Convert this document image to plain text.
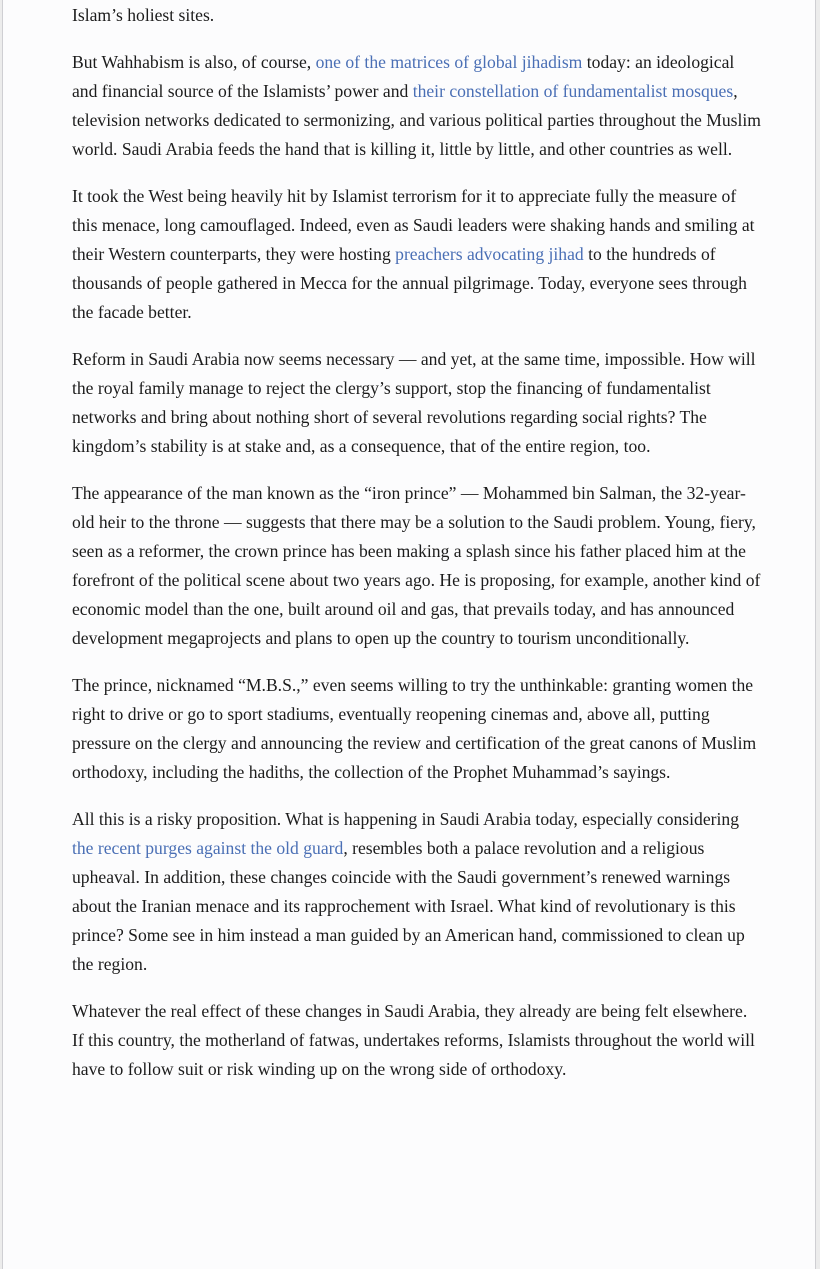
Islam’s holiest sites.

But Wahhabism is also, of course, one of the matrices of global jihadism today: an ideological and financial source of the Islamists’ power and their constellation of fundamentalist mosques, television networks dedicated to sermonizing, and various political parties throughout the Muslim world. Saudi Arabia feeds the hand that is killing it, little by little, and other countries as well.

It took the West being heavily hit by Islamist terrorism for it to appreciate fully the measure of this menace, long camouflaged. Indeed, even as Saudi leaders were shaking hands and smiling at their Western counterparts, they were hosting preachers advocating jihad to the hundreds of thousands of people gathered in Mecca for the annual pilgrimage. Today, everyone sees through the facade better.

Reform in Saudi Arabia now seems necessary — and yet, at the same time, impossible. How will the royal family manage to reject the clergy’s support, stop the financing of fundamentalist networks and bring about nothing short of several revolutions regarding social rights? The kingdom’s stability is at stake and, as a consequence, that of the entire region, too.

The appearance of the man known as the “iron prince” — Mohammed bin Salman, the 32-year-old heir to the throne — suggests that there may be a solution to the Saudi problem. Young, fiery, seen as a reformer, the crown prince has been making a splash since his father placed him at the forefront of the political scene about two years ago. He is proposing, for example, another kind of economic model than the one, built around oil and gas, that prevails today, and has announced development megaprojects and plans to open up the country to tourism unconditionally.

The prince, nicknamed “M.B.S.,” even seems willing to try the unthinkable: granting women the right to drive or go to sport stadiums, eventually reopening cinemas and, above all, putting pressure on the clergy and announcing the review and certification of the great canons of Muslim orthodoxy, including the hadiths, the collection of the Prophet Muhammad’s sayings.

All this is a risky proposition. What is happening in Saudi Arabia today, especially considering the recent purges against the old guard, resembles both a palace revolution and a religious upheaval. In addition, these changes coincide with the Saudi government’s renewed warnings about the Iranian menace and its rapprochement with Israel. What kind of revolutionary is this prince? Some see in him instead a man guided by an American hand, commissioned to clean up the region.

Whatever the real effect of these changes in Saudi Arabia, they already are being felt elsewhere. If this country, the motherland of fatwas, undertakes reforms, Islamists throughout the world will have to follow suit or risk winding up on the wrong side of orthodoxy.
